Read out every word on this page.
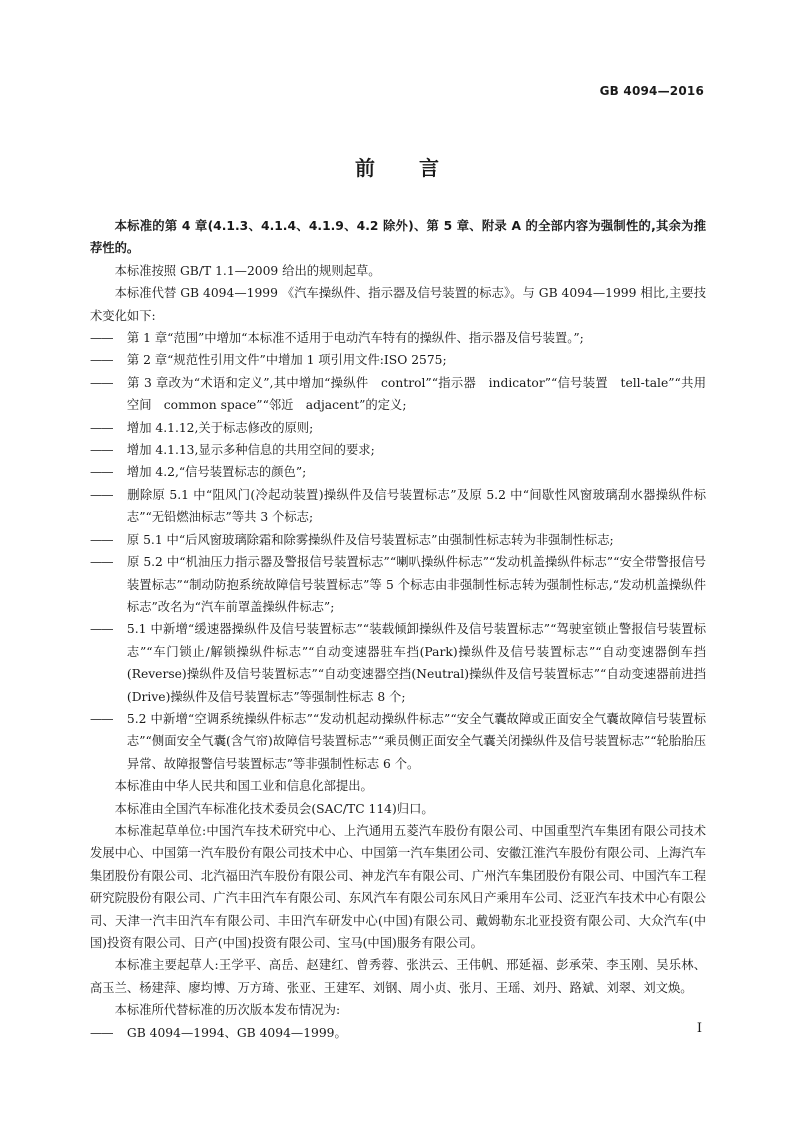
GB 4094—2016
前言

本标准的第 4 章(4.1.3、4.1.4、4.1.9、4.2 除外)、第 5 章、附录 A 的全部内容为强制性的,其余为推荐性的。

本标准按照 GB/T 1.1—2009 给出的规则起草。

本标准代替 GB 4094—1999 《汽车操纵件、指示器及信号装置的标志》。与 GB 4094—1999 相比,主要技术变化如下:

—— 第 1 章“范围”中增加“本标准不适用于电动汽车特有的操纵件、指示器及信号装置。”;

—— 第 2 章“规范性引用文件”中增加 1 项引用文件:ISO 2575;

—— 第 3 章改为“术语和定义”,其中增加“操纵件　control”“指示器　indicator”“信号装置　tell-tale”“共用空间　common space”“邻近　adjacent”的定义;

—— 增加 4.1.12,关于标志修改的原则;

—— 增加 4.1.13,显示多种信息的共用空间的要求;

—— 增加 4.2,“信号装置标志的颜色”;

—— 删除原 5.1 中“阻风门(冷起动装置)操纵件及信号装置标志”及原 5.2 中“间歇性风窗玻璃刮水器操纵件标志”“无铅燃油标志”等共 3 个标志;

—— 原 5.1 中“后风窗玻璃除霜和除雾操纵件及信号装置标志”由强制性标志转为非强制性标志;

—— 原 5.2 中“机油压力指示器及警报信号装置标志”“喇叭操纵件标志”“发动机盖操纵件标志”“安全带警报信号装置标志”“制动防抱系统故障信号装置标志”等 5 个标志由非强制性标志转为强制性标志,“发动机盖操纵件标志”改名为“汽车前罩盖操纵件标志”;

—— 5.1 中新增“缓速器操纵件及信号装置标志”“装载倾卸操纵件及信号装置标志”“驾驶室锁止警报信号装置标志”“车门锁止/解锁操纵件标志”“自动变速器驻车挡(Park)操纵件及信号装置标志”“自动变速器倒车挡(Reverse)操纵件及信号装置标志”“自动变速器空挡(Neutral)操纵件及信号装置标志”“自动变速器前进挡(Drive)操纵件及信号装置标志”等强制性标志 8 个;

—— 5.2 中新增“空调系统操纵件标志”“发动机起动操纵件标志”“安全气囊故障或正面安全气囊故障信号装置标志”“侧面安全气囊(含气帘)故障信号装置标志”“乘员侧正面安全气囊关闭操纵件及信号装置标志”“轮胎胎压异常、故障报警信号装置标志”等非强制性标志 6 个。

本标准由中华人民共和国工业和信息化部提出。

本标准由全国汽车标准化技术委员会(SAC/TC 114)归口。

本标准起草单位:中国汽车技术研究中心、上汽通用五菱汽车股份有限公司、中国重型汽车集团有限公司技术发展中心、中国第一汽车股份有限公司技术中心、中国第一汽车集团公司、安徽江淮汽车股份有限公司、上海汽车集团股份有限公司、北汽福田汽车股份有限公司、神龙汽车有限公司、广州汽车集团股份有限公司、中国汽车工程研究院股份有限公司、广汽丰田汽车有限公司、东风汽车有限公司东风日产乘用车公司、泛亚汽车技术中心有限公司、天津一汽丰田汽车有限公司、丰田汽车研发中心(中国)有限公司、戴姆勒东北亚投资有限公司、大众汽车(中国)投资有限公司、日产(中国)投资有限公司、宝马(中国)服务有限公司。

本标准主要起草人:王学平、高岳、赵建红、曾秀蓉、张洪云、王伟帆、邢延福、彭承荣、李玉刚、吴乐林、高玉兰、杨建萍、廖均博、万方琦、张亚、王建军、刘钢、周小贞、张月、王瑶、刘丹、路斌、刘翠、刘文焕。

本标准所代替标准的历次版本发布情况为:

—— GB 4094—1994、GB 4094—1999。	I
